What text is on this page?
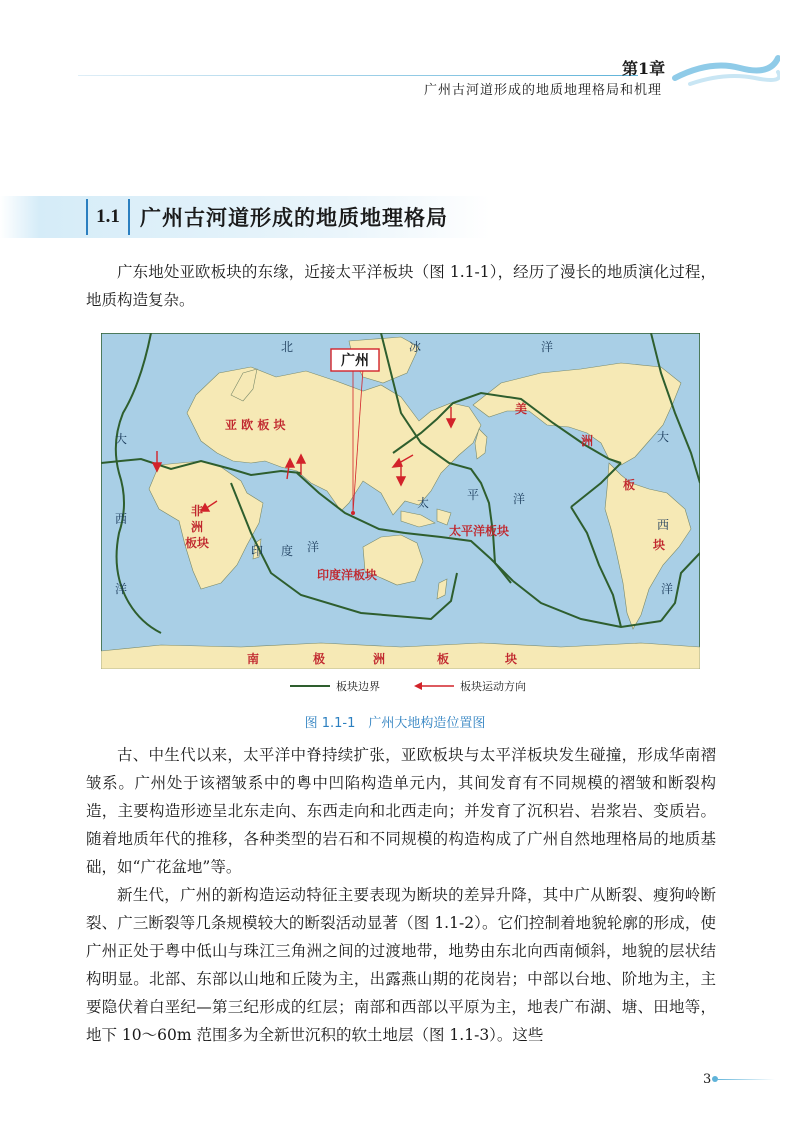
第1章
广州古河道形成的地质地理格局和机理
1.1 广州古河道形成的地质地理格局

广东地处亚欧板块的东缘，近接太平洋板块（图 1.1-1），经历了漫长的地质演化过程，地质构造复杂。

广州
北	冰	洋
大
西
洋
大
西
洋
印 度 洋
太
平	洋
亚 欧 板 块
非
洲
板块
印度洋板块
太平洋板块
美
洲
板
块
南	极	洲	板	块
板块边界	板块运动方向
图 1.1-1　广州大地构造位置图

古、中生代以来，太平洋中脊持续扩张，亚欧板块与太平洋板块发生碰撞，形成华南褶皱系。广州处于该褶皱系中的粤中凹陷构造单元内，其间发育有不同规模的褶皱和断裂构造，主要构造形迹呈北东走向、东西走向和北西走向；并发育了沉积岩、岩浆岩、变质岩。随着地质年代的推移，各种类型的岩石和不同规模的构造构成了广州自然地理格局的地质基础，如“广花盆地”等。

新生代，广州的新构造运动特征主要表现为断块的差异升降，其中广从断裂、瘦狗岭断裂、广三断裂等几条规模较大的断裂活动显著（图 1.1-2）。它们控制着地貌轮廓的形成，使广州正处于粤中低山与珠江三角洲之间的过渡地带，地势由东北向西南倾斜，地貌的层状结构明显。北部、东部以山地和丘陵为主，出露燕山期的花岗岩；中部以台地、阶地为主，主要隐伏着白垩纪—第三纪形成的红层；南部和西部以平原为主，地表广布湖、塘、田地等，地下 10～60m 范围多为全新世沉积的软土地层（图 1.1-3）。这些

3
